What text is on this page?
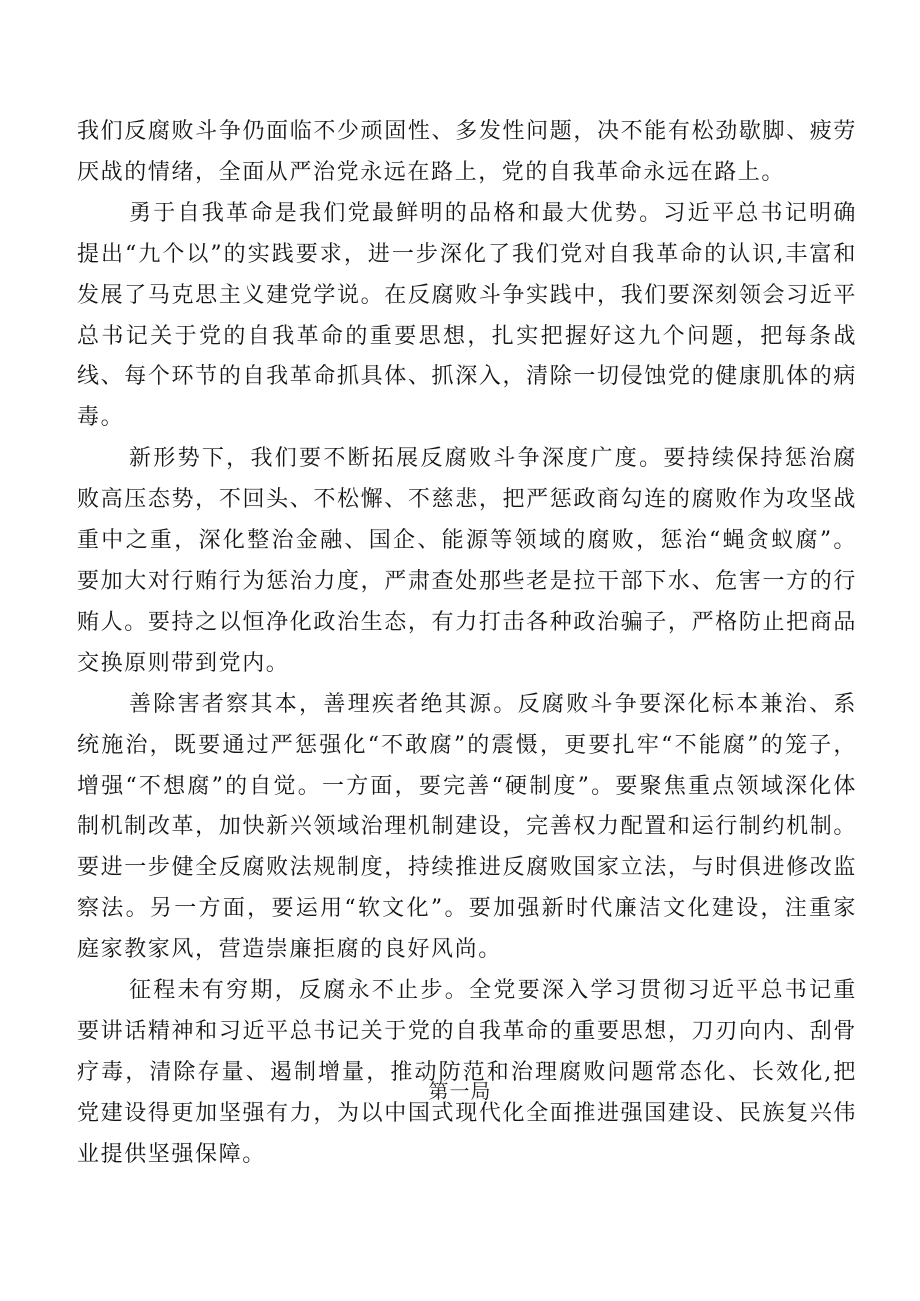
我们反腐败斗争仍面临不少顽固性、多发性问题，决不能有松劲歇脚、疲劳厌战的情绪，全面从严治党永远在路上，党的自我革命永远在路上。

勇于自我革命是我们党最鲜明的品格和最大优势。习近平总书记明确提出“九个以”的实践要求，进一步深化了我们党对自我革命的认识,丰富和发展了马克思主义建党学说。在反腐败斗争实践中，我们要深刻领会习近平总书记关于党的自我革命的重要思想，扎实把握好这九个问题，把每条战线、每个环节的自我革命抓具体、抓深入，清除一切侵蚀党的健康肌体的病毒。

新形势下，我们要不断拓展反腐败斗争深度广度。要持续保持惩治腐败高压态势，不回头、不松懈、不慈悲，把严惩政商勾连的腐败作为攻坚战重中之重，深化整治金融、国企、能源等领域的腐败，惩治“蝇贪蚁腐”。要加大对行贿行为惩治力度，严肃查处那些老是拉干部下水、危害一方的行贿人。要持之以恒净化政治生态，有力打击各种政治骗子，严格防止把商品交换原则带到党内。

善除害者察其本，善理疾者绝其源。反腐败斗争要深化标本兼治、系统施治，既要通过严惩强化“不敢腐”的震慑，更要扎牢“不能腐”的笼子，增强“不想腐”的自觉。一方面，要完善“硬制度”。要聚焦重点领域深化体制机制改革，加快新兴领域治理机制建设，完善权力配置和运行制约机制。要进一步健全反腐败法规制度，持续推进反腐败国家立法，与时俱进修改监察法。另一方面，要运用“软文化”。要加强新时代廉洁文化建设，注重家庭家教家风，营造崇廉拒腐的良好风尚。

征程未有穷期，反腐永不止步。全党要深入学习贯彻习近平总书记重要讲话精神和习近平总书记关于党的自我革命的重要思想，刀刃向内、刮骨疗毒，清除存量、遏制增量，推动防范和治理腐败问题常态化、长效化,把党建设得更加坚强有力，为以中国式现代化全面推进强国建设、民族复兴伟业提供坚强保障。

第一局
